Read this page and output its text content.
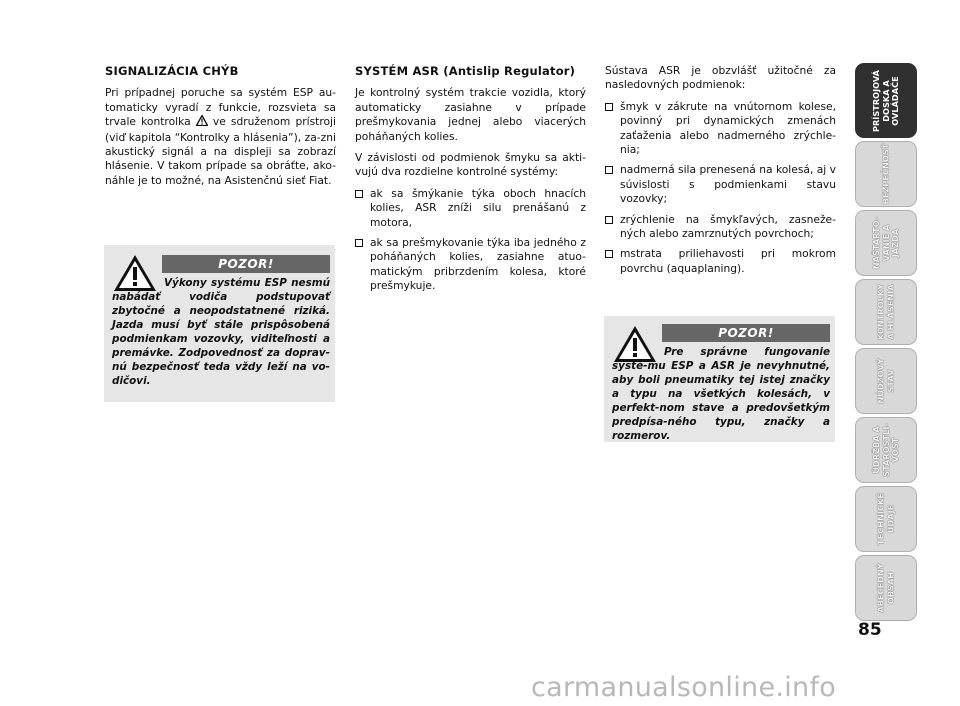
SIGNALIZÁCIA CHÝB

Pri prípadnej poruche sa systém ESP au-tomaticky vyradí z funkcie, rozsvieta sa trvale kontrolka  ve sdruženom prístroji (viď kapitola “Kontrolky a hlásenia”), za-zni akustický signál a na displeji sa zobrazí hlásenie. V takom prípade sa obráťte, ako-náhle je to možné, na Asistenčnú sieť Fiat.

POZOR!
Výkony systému ESP nesmú nabádať vodiča podstupovať zbytočné a neopodstatnené riziká. Jazda musí byť stále prispôsobená podmienkam vozovky, viditeľnosti a premávke. Zodpovednosť za doprav-nú bezpečnosť teda vždy leží na vo-dičovi.
SYSTÉM ASR (Antislip Regulator)

Je kontrolný systém trakcie vozidla, ktorý automaticky zasiahne v prípade prešmykovania jednej alebo viacerých poháňaných kolies.

V závislosti od podmienok šmyku sa akti-vujú dva rozdielne kontrolné systémy:

ak sa šmýkanie týka oboch hnacích kolies, ASR zníži silu prenášanú z motora,
ak sa prešmykovanie týka iba jedného z poháňaných kolies, zasiahne atuo-matickým pribrzdením kolesa, ktoré prešmykuje.

Sústava ASR je obzvlášť užitočné za nasledovných podmienok:

šmyk v zákrute na vnútornom kolese, povinný pri dynamických zmenách zaťaženia alebo nadmerného zrýchle-nia;
nadmerná sila prenesená na kolesá, aj v súvislosti s podmienkami stavu vozovky;
zrýchlenie na šmykľavých, zasneže-ných alebo zamrznutých povrchoch;
mstrata priliehavosti pri mokrom povrchu (aquaplaning).
POZOR!
Pre správne fungovanie systé-mu ESP a ASR je nevyhnutné, aby boli pneumatiky tej istej značky a typu na všetkých kolesách, v perfekt-nom stave a predovšetkým predpísa-ného typu, značky a rozmerov.
PRÍSTROJOVÁ
DOSKA A
OVLÁDAČE
BEZPEČNOSŤ
NAŠTARTO-
VANIE A
JAZDA
KONTROLKY
A HLÁSENIA
NÚDZOVÝ
STAV
ÚDRŽBA A
STAROSTLI-
VOSŤ
TECHNICKÉ
ÚDAJE
ABECEDNÝ
OBSAH
85
carmanualsonline.info
